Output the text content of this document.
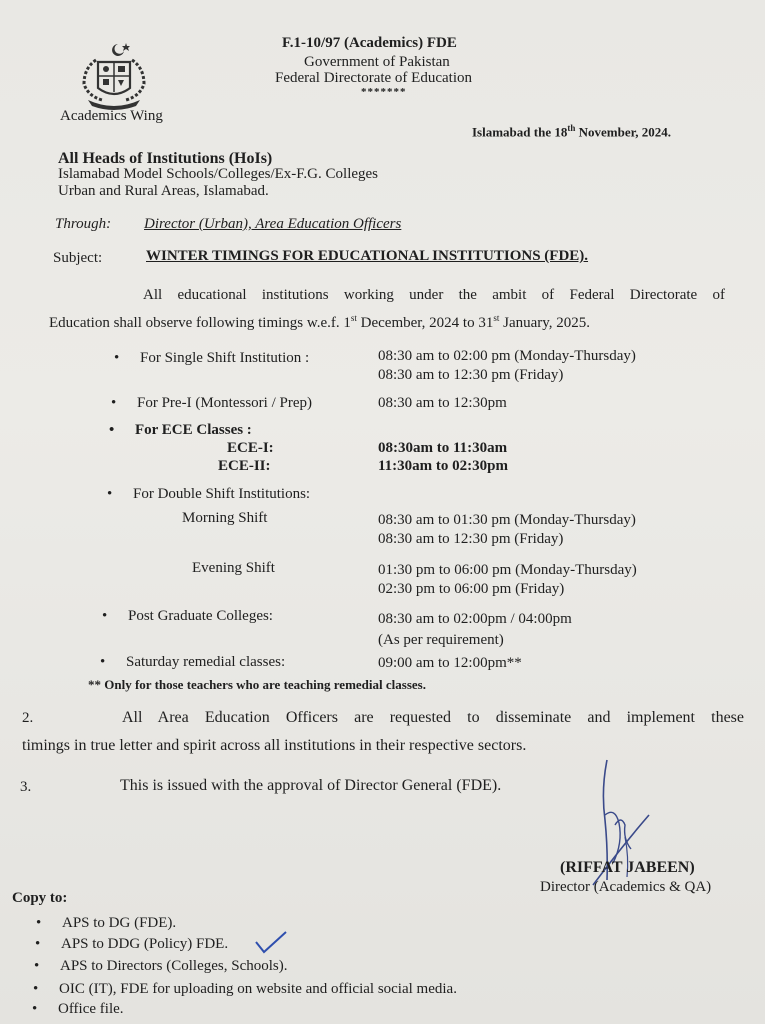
Academics Wing
F.1-10/97 (Academics) FDE
Government of Pakistan
Federal Directorate of Education
*******
Islamabad the 18th November, 2024.
All Heads of Institutions (HoIs)
Islamabad Model Schools/Colleges/Ex-F.G. Colleges
Urban and Rural Areas, Islamabad.
Through: Director (Urban), Area Education Officers
Subject:	WINTER TIMINGS FOR EDUCATIONAL INSTITUTIONS (FDE).
All educational institutions working under the ambit of Federal Directorate of
Education shall observe following timings w.e.f. 1st December, 2024 to 31st January, 2025.
• For Single Shift Institution :	08:30 am to 02:00 pm (Monday-Thursday)
08:30 am to 12:30 pm (Friday)
• For Pre-I (Montessori / Prep)	08:30 am to 12:30pm
• For ECE Classes :
ECE-I:	08:30am to 11:30am
ECE-II:	11:30am to 02:30pm
• For Double Shift Institutions:
Morning Shift	08:30 am to 01:30 pm (Monday-Thursday)
08:30 am to 12:30 pm (Friday)
Evening Shift	01:30 pm to 06:00 pm (Monday-Thursday)
02:30 pm to 06:00 pm (Friday)
• Post Graduate Colleges:	08:30 am to 02:00pm / 04:00pm
(As per requirement)
• Saturday remedial classes:	09:00 am to 12:00pm**
** Only for those teachers who are teaching remedial classes.
2.	All Area Education Officers are requested to disseminate and implement these
timings in true letter and spirit across all institutions in their respective sectors.
3.	This is issued with the approval of Director General (FDE).
(RIFFAT JABEEN)
Director (Academics & QA)
Copy to:
• APS to DG (FDE).
• APS to DDG (Policy) FDE.
• APS to Directors (Colleges, Schools).
• OIC (IT), FDE for uploading on website and official social media.
• Office file.
